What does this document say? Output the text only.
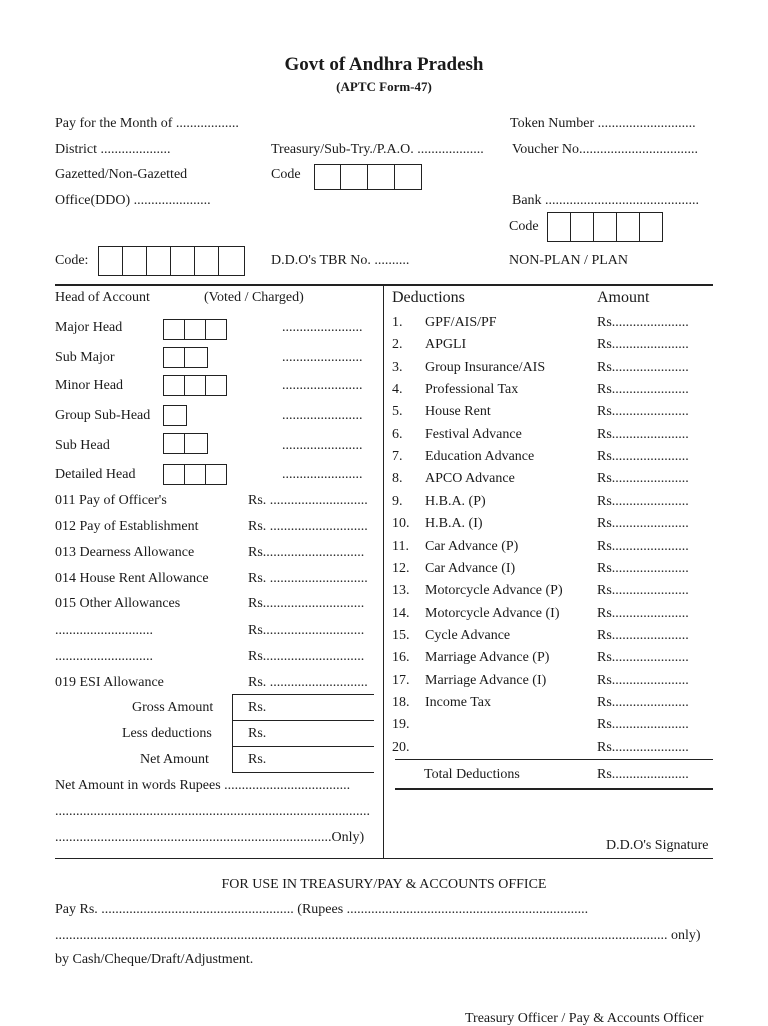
Govt of Andhra Pradesh
(APTC Form-47)
Pay for the Month of ..................	Token Number ............................
District ....................	Treasury/Sub-Try./P.A.O. ................... Voucher No..................................
Gazetted/Non-Gazetted	Code
Office(DDO) ......................	Bank ............................................
Code
Code:	D.D.O's TBR No. ..........	NON-PLAN / PLAN
Head of Account	(Voted / Charged)
Major Head	.......................
Sub Major	.......................
Minor Head	.......................
Group Sub-Head	.......................
Sub Head	.......................
Detailed Head	.......................
011 Pay of Officer's	Rs. ............................
012 Pay of Establishment	Rs. ............................
013 Dearness Allowance	Rs.............................
014 House Rent Allowance	Rs. ............................
015 Other Allowances	Rs.............................
............................	Rs.............................
............................	Rs.............................
019 ESI Allowance	Rs. ............................
Gross Amount Rs.
Less deductions	Rs.
Net Amount	Rs.
Net Amount in words Rupees ....................................
..........................................................................................
...............................................................................Only)
Deductions	Amount
1. GPF/AIS/PF	Rs......................
2. APGLI	Rs......................
3. Group Insurance/AIS	Rs......................
4. Professional Tax	Rs......................
5. House Rent	Rs......................
6. Festival Advance	Rs......................
7. Education Advance	Rs......................
8. APCO Advance	Rs......................
9. H.B.A. (P)	Rs......................
10. H.B.A. (I)	Rs......................
11. Car Advance (P)	Rs......................
12. Car Advance (I)	Rs......................
13. Motorcycle Advance (P) Rs......................
14. Motorcycle Advance (I)	Rs......................
15. Cycle Advance	Rs......................
16. Marriage Advance (P)	Rs......................
17. Marriage Advance (I)	Rs......................
18. Income Tax	Rs......................
19.	Rs......................
20.	Rs......................
Total Deductions	Rs......................
D.D.O's Signature
FOR USE IN TREASURY/PAY & ACCOUNTS OFFICE
Pay Rs. ....................................................... (Rupees .....................................................................
............................................................................................................................................................................... only)
by Cash/Cheque/Draft/Adjustment.
Treasury Officer / Pay & Accounts Officer
